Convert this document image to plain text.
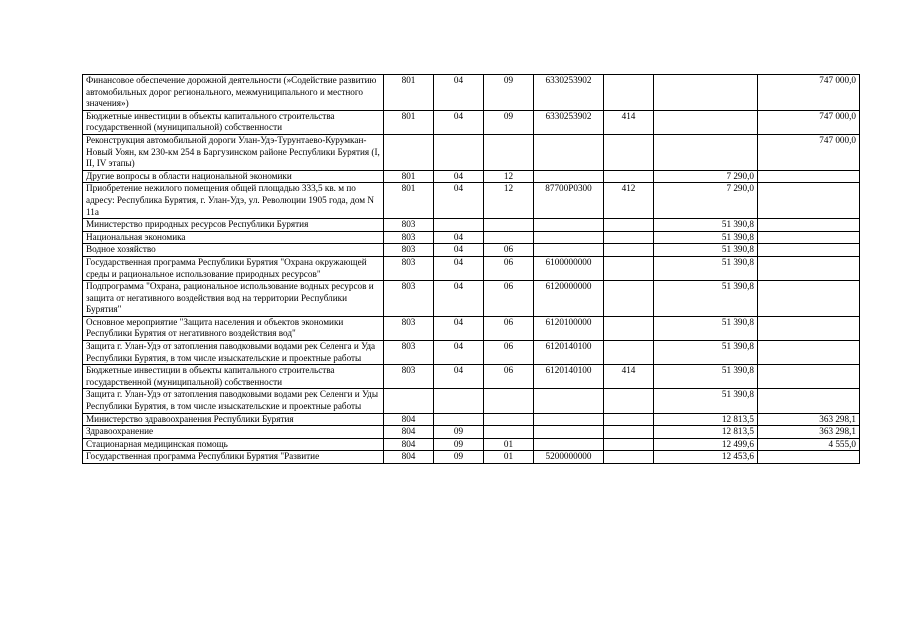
Финансовое обеспечение дорожной деятельности (»Содействие развитию автомобильных дорог регионального, межмуниципального и местного значения»)	801	04	09	6330253902			747 000,0
Бюджетные инвестиции в объекты капитального строительства государственной (муниципальной) собственности	801	04	09	6330253902	414		747 000,0
Реконструкция автомобильной дороги Улан-Удэ-Турунтаево-Курумкан-Новый Уоян, км 230-км 254 в Баргузинском районе Республики Бурятия (I, II, IV этапы)							747 000,0
Другие вопросы в области национальной экономики	801	04	12			7 290,0	
Приобретение нежилого помещения общей площадью 333,5 кв. м по адресу: Республика Бурятия, г. Улан-Удэ, ул. Революции 1905 года, дом N 11а	801	04	12	87700P0300	412	7 290,0	
Министерство природных ресурсов Республики Бурятия	803					51 390,8	
Национальная экономика	803	04				51 390,8	
Водное хозяйство	803	04	06			51 390,8	
Государственная программа Республики Бурятия "Охрана окружающей среды и рациональное использование природных ресурсов"	803	04	06	6100000000		51 390,8	
Подпрограмма "Охрана, рациональное использование водных ресурсов и защита от негативного воздействия вод на территории Республики Бурятия"	803	04	06	6120000000		51 390,8	
Основное мероприятие "Защита населения и объектов экономики Республики Бурятия от негативного воздействия вод"	803	04	06	6120100000		51 390,8	
Защита г. Улан-Удэ от затопления паводковыми водами рек Селенга и Уда Республики Бурятия, в том числе изыскательские и проектные работы	803	04	06	6120140100		51 390,8	
Бюджетные инвестиции в объекты капитального строительства государственной (муниципальной) собственности	803	04	06	6120140100	414	51 390,8	
Защита г. Улан-Удэ от затопления паводковыми водами рек Селенги и Уды Республики Бурятия, в том числе изыскательские и проектные работы						51 390,8	
Министерство здравоохранения Республики Бурятия	804					12 813,5	363 298,1
Здравоохранение	804	09				12 813,5	363 298,1
Стационарная медицинская помощь	804	09	01			12 499,6	4 555,0
Государственная программа Республики Бурятия "Развитие	804	09	01	5200000000		12 453,6	
